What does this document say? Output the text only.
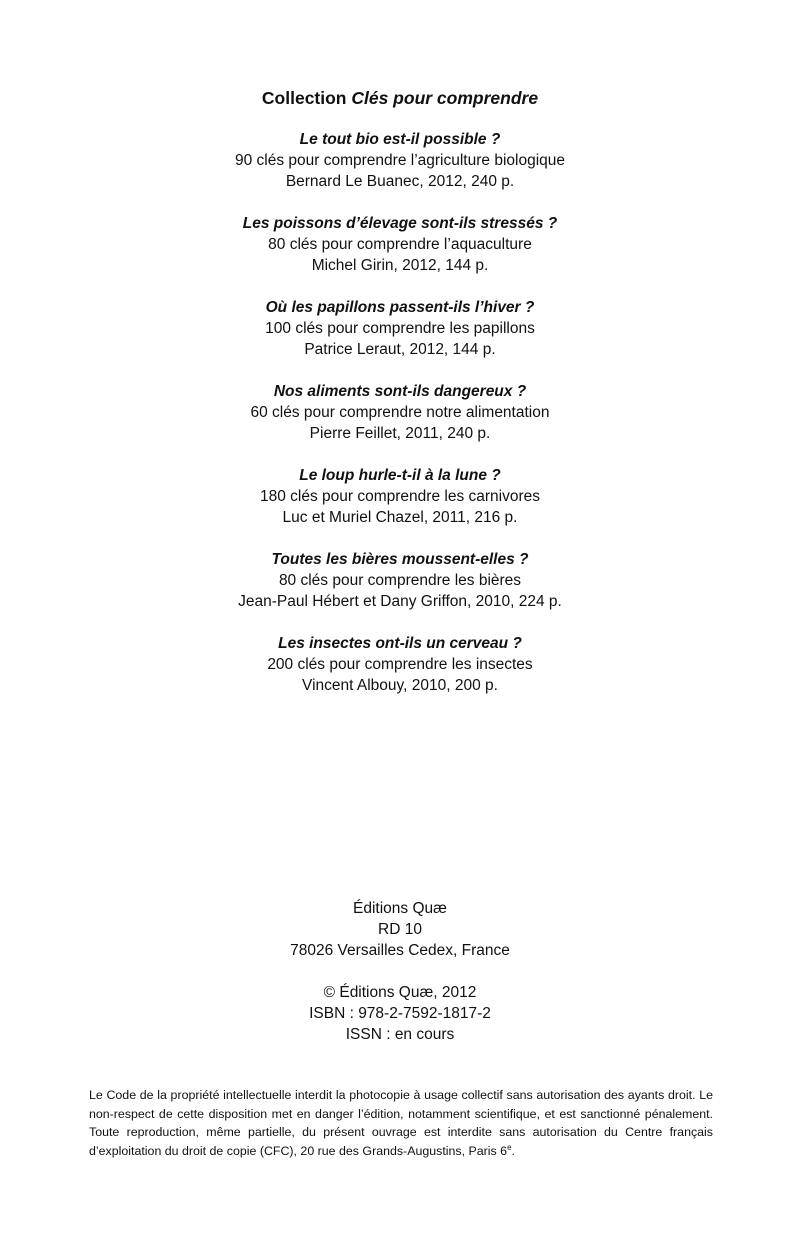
Collection Clés pour comprendre
Le tout bio est-il possible ?
90 clés pour comprendre l’agriculture biologique
Bernard Le Buanec, 2012, 240 p.
Les poissons d’élevage sont-ils stressés ?
80 clés pour comprendre l’aquaculture
Michel Girin, 2012, 144 p.
Où les papillons passent-ils l’hiver ?
100 clés pour comprendre les papillons
Patrice Leraut, 2012, 144 p.
Nos aliments sont-ils dangereux ?
60 clés pour comprendre notre alimentation
Pierre Feillet, 2011, 240 p.
Le loup hurle-t-il à la lune ?
180 clés pour comprendre les carnivores
Luc et Muriel Chazel, 2011, 216 p.
Toutes les bières moussent-elles ?
80 clés pour comprendre les bières
Jean-Paul Hébert et Dany Griffon, 2010, 224 p.
Les insectes ont-ils un cerveau ?
200 clés pour comprendre les insectes
Vincent Albouy, 2010, 200 p.
Éditions Quæ
RD 10
78026 Versailles Cedex, France
© Éditions Quæ, 2012
ISBN : 978-2-7592-1817-2
ISSN : en cours
Le Code de la propriété intellectuelle interdit la photocopie à usage collectif sans autorisation des ayants droit. Le non-respect de cette disposition met en danger l’édition, notamment scientifique, et est sanctionné pénalement. Toute reproduction, même partielle, du présent ouvrage est interdite sans autorisation du Centre français d’exploitation du droit de copie (CFC), 20 rue des Grands-Augustins, Paris 6e.
